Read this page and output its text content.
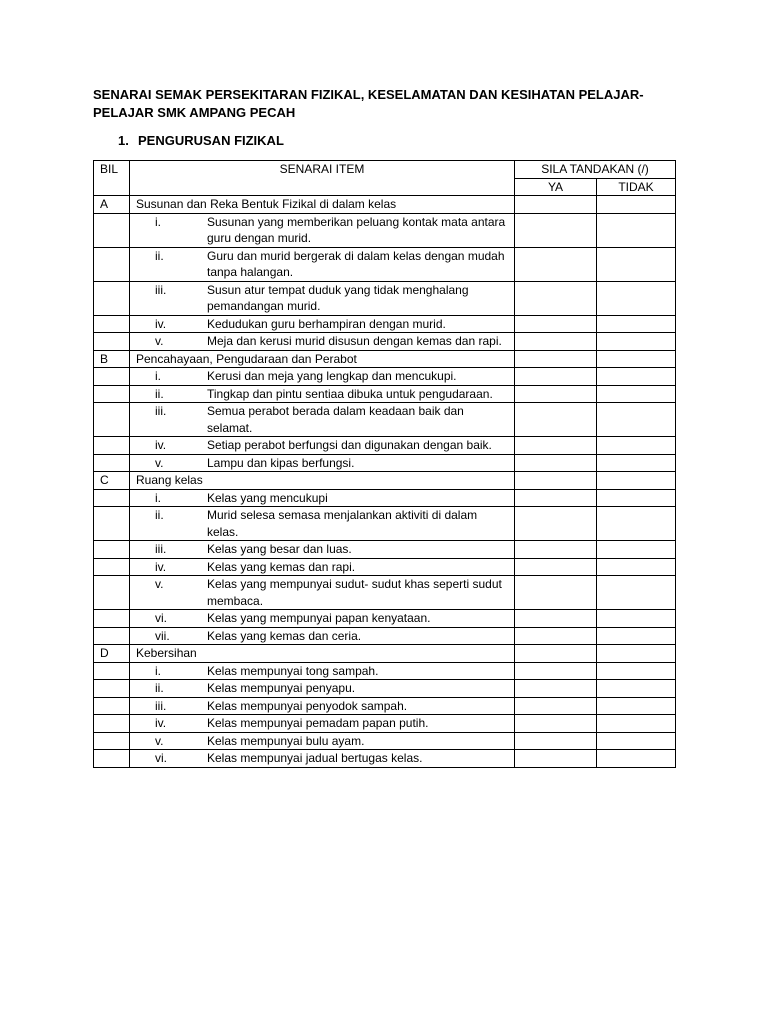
SENARAI SEMAK PERSEKITARAN FIZIKAL, KESELAMATAN DAN KESIHATAN PELAJAR- PELAJAR SMK AMPANG PECAH
1. PENGURUSAN FIZIKAL
BIL	SENARAI ITEM	SILA TANDAKAN (/)	
		YA	TIDAK
A	Susunan dan Reka Bentuk Fizikal di dalam kelas		

	i. Susunan yang memberikan peluang kontak mata antara guru dengan murid.		

	ii. Guru dan murid bergerak di dalam kelas dengan mudah tanpa halangan.		

	iii. Susun atur tempat duduk yang tidak menghalang pemandangan murid.		

	iv. Kedudukan guru berhampiran dengan murid.		

	v. Meja dan kerusi murid disusun dengan kemas dan rapi.		

B	Pencahayaan, Pengudaraan dan Perabot		

	i. Kerusi dan meja yang lengkap dan mencukupi.		

	ii. Tingkap dan pintu sentiaa dibuka untuk pengudaraan.		

	iii. Semua perabot berada dalam keadaan baik dan selamat.		

	iv. Setiap perabot berfungsi dan digunakan dengan baik.		

	v. Lampu dan kipas berfungsi.		

C	Ruang kelas		

	i. Kelas yang mencukupi		

	ii. Murid selesa semasa menjalankan aktiviti di dalam kelas.		

	iii. Kelas yang besar dan luas.		

	iv. Kelas yang kemas dan rapi.		

	v. Kelas yang mempunyai sudut- sudut khas seperti sudut membaca.		

	vi. Kelas yang mempunyai papan kenyataan.		

	vii. Kelas yang kemas dan ceria.		

D	Kebersihan		

	i. Kelas mempunyai tong sampah.		

	ii. Kelas mempunyai penyapu.		

	iii. Kelas mempunyai penyodok sampah.		

	iv. Kelas mempunyai pemadam papan putih.		

	v. Kelas mempunyai bulu ayam.		

	vi. Kelas mempunyai jadual bertugas kelas.		
